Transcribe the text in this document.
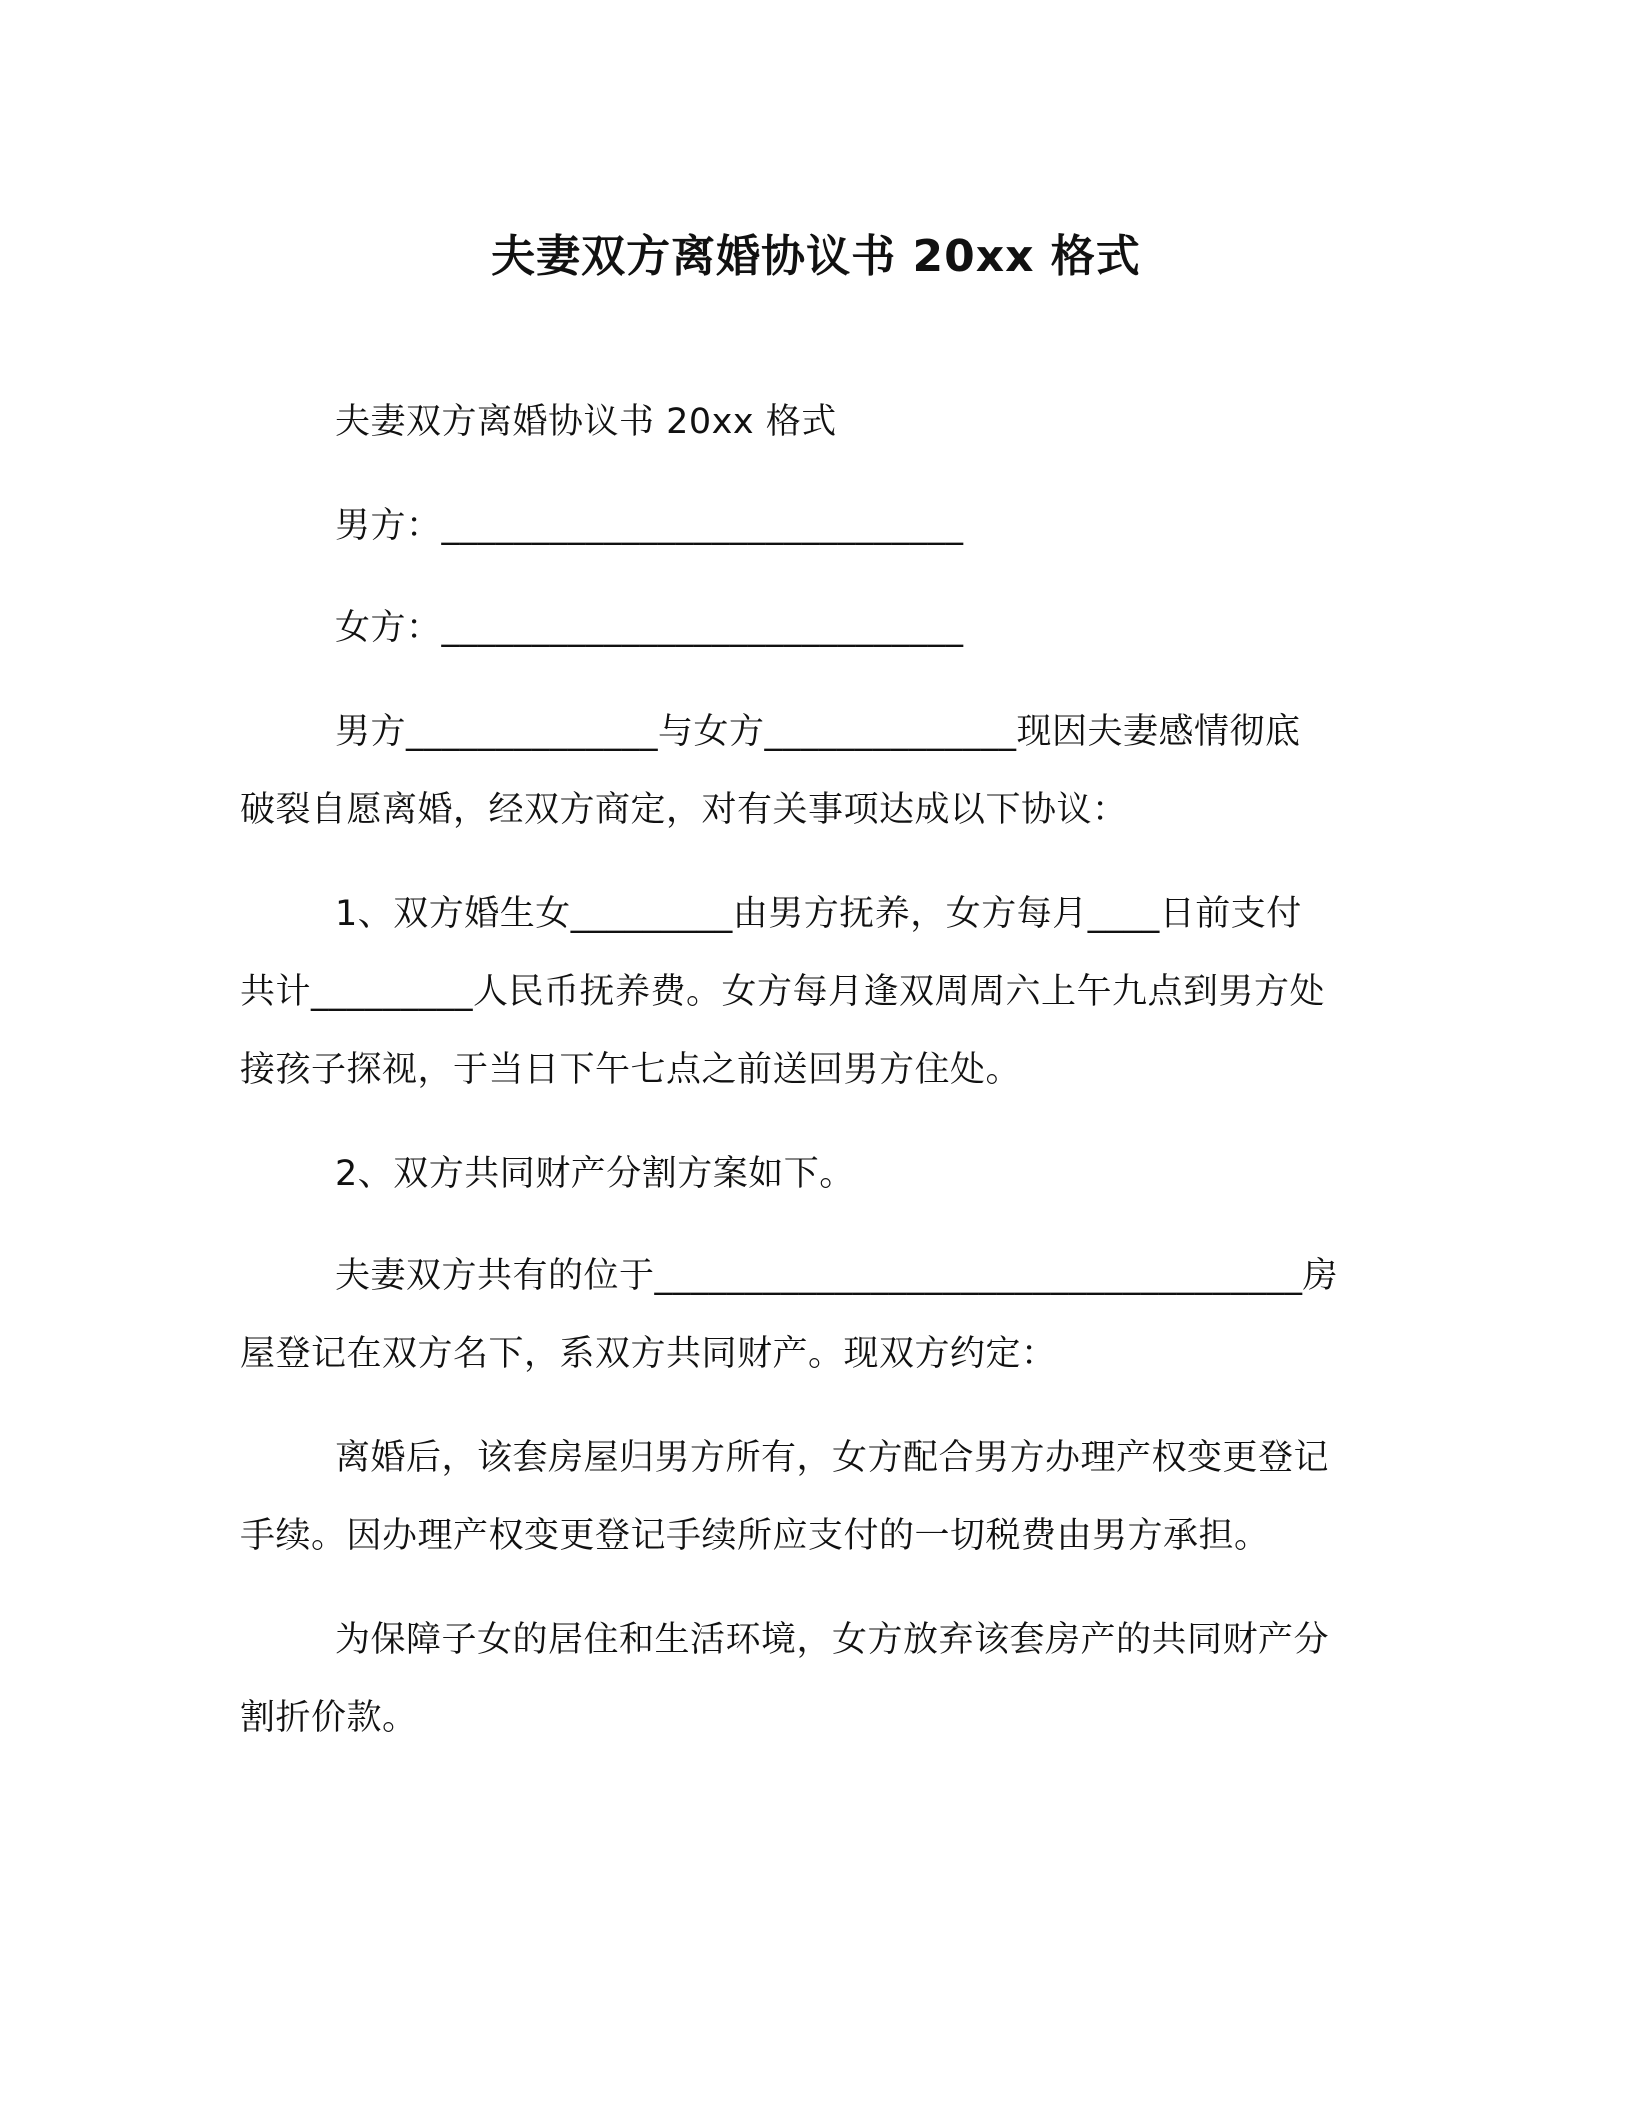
夫妻双方离婚协议书 20xx 格式
夫妻双方离婚协议书 20xx 格式
男方：_____________________________
女方：_____________________________
男方______________与女方______________现因夫妻感情彻底
破裂自愿离婚，经双方商定，对有关事项达成以下协议：
1、双方婚生女_________由男方抚养，女方每月____日前支付
共计_________人民币抚养费。女方每月逢双周周六上午九点到男方处
接孩子探视，于当日下午七点之前送回男方住处。
2、双方共同财产分割方案如下。
夫妻双方共有的位于____________________________________房
屋登记在双方名下，系双方共同财产。现双方约定：
离婚后，该套房屋归男方所有，女方配合男方办理产权变更登记
手续。因办理产权变更登记手续所应支付的一切税费由男方承担。
为保障子女的居住和生活环境，女方放弃该套房产的共同财产分
割折价款。
